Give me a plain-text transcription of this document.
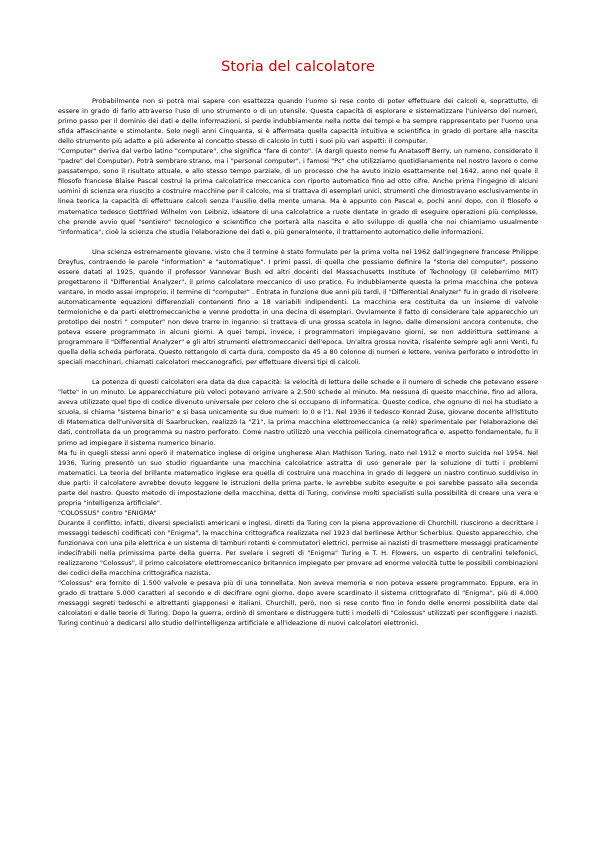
Storia del calcolatore

Probabilmente non si potrà mai sapere con esattezza quando l'uomo si rese conto di poter effettuare dei calcoli e, soprattutto, di essere in grado di farlo attraverso l'uso di uno strumento o di un utensile. Questa capacità di esplorare e sistematizzare l'universo dei numeri, primo passo per il dominio dei dati e delle informazioni, si perde indubbiamente nella notte dei tempi e ha sempre rappresentato per l'uomo una sfida affascinante e stimolante. Solo negli anni Cinquanta, si è affermata quella capacità intuitiva e scientifica in grado di portare alla nascita dello strumento più adatto e più aderente al concetto stesso di calcolo in tutti i suoi più vari aspetti: il computer.

"Computer" deriva dal verbo latino "computare", che significa "fare di conto". (A dargli questo nome fu Anatasoff Berry, un rumeno, considerato il "padre" del Computer). Potrà sembrare strano, ma i "personal computer", i famosi "Pc" che utilizziamo quotidianamente nel nostro lavoro o come passatempo, sono il risultato attuale, e allo stesso tempo parziale, di un processo che ha avuto inizio esattamente nel 1642, anno nel quale il filosofo francese Blaise Pascal costruì la prima calcolatrice meccanica con riporto automatico fino ad otto cifre. Anche prima l'ingegno di alcuni uomini di scienza era riuscito a costruire macchine per il calcolo, ma si trattava di esemplari unici, strumenti che dimostravano esclusivamente in linea teorica la capacità di effettuare calcoli senza l'ausilio della mente umana. Ma è appunto con Pascal e, pochi anni dopo, con il filosofo e matematico tedesco Gottfried Wilhelm von Leibniz, ideatore di una calcolatrice a ruote dentate in grado di eseguire operazioni più complesse, che prende avvio quel "sentiero" tecnologico e scientifico che porterà alla nascita e allo sviluppo di quella che noi chiamiamo usualmente "informatica", cioè la scienza che studia l'elaborazione dei dati e, più generalmente, il trattamento automatico delle informazioni.

Una scienza estremamente giovane, visto che il termine è stato formulato per la prima volta nel 1962 dall'ingegnere francese Philippe Dreyfus, contraendo le parole "information" e "automatique". I primi passi, di quella che possiamo definire la "storia del computer", possono essere datati al 1925, quando il professor Vannevar Bush ed altri docenti del Massachusetts Institute of Technology (il celeberrimo MIT) progettarono il "Differential Analyzer", il primo calcolatore meccanico di uso pratico. Fu indubbiamente questa la prima macchina che poteva vantare, in modo assai improprio, il termine di "computer" . Entrata in funzione due anni più tardi, il "Differential Analyzer" fu in grado di risolvere automaticamente equazioni differenziali contenenti fino a 18 variabili indipendenti. La macchina era costituita da un insieme di valvole termoioniche e da parti elettromeccaniche e venne prodotta in una decina di esemplari. Ovviamente il fatto di considerare tale apparecchio un prototipo dei nostri " computer" non deve trarre in inganno: si trattava di una grossa scatola in legno, dalle dimensioni ancora contenute, che poteva essere programmato in alcuni giorni. A quei tempi, invece, i programmatori impiegavano giorni, se non addirittura settimane a programmare il "Differential Analyzer" e gli altri strumenti elettromeccanici dell'epoca. Un'altra grossa novità, risalente sempre agli anni Venti, fu quella della scheda perforata. Questo rettangolo di carta dura, composto da 45 a 80 colonne di numeri e lettere, veniva perforato e introdotto in speciali macchinari, chiamati calcolatori meccanografici, per effettuare diversi tipi di calcoli.

La potenza di questi calcolatori era data da due capacità: la velocità di lettura delle schede e il numero di schede che potevano essere "lette" in un minuto. Le apparecchiature più veloci potevano arrivare a 2.500 schede al minuto. Ma nessuna di queste macchine, fino ad allora, aveva utilizzato quel tipo di codice divenuto universale per coloro che si occupano di informatica. Questo codice, che ognuno di noi ha studiato a scuola, si chiama "sistema binario" e si basa unicamente su due numeri: lo 0 e l'1. Nel 1936 il tedesco Konrad Zuse, giovane docente all'Istituto di Matematica dell'università di Saarbrucken, realizzò la "Z1", la prima macchina elettromeccanica (a relè) sperimentale per l'elaborazione dei dati, controllata da un programma su nastro perforato. Come nastro utilizzò una vecchia pellicola cinematografica e, aspetto fondamentale, fu il primo ad impiegare il sistema numerico binario.

Ma fu in quegli stessi anni operò il matematico inglese di origine ungherese Alan Mathison Turing, nato nel 1912 e morto suicida nel 1954. Nel 1936, Turing presentò un suo studio riguardante una macchina calcolatrice astratta di uso generale per la soluzione di tutti i problemi matematici. La teoria del brillante matematico inglese era quella di costruire una macchina in grado di leggere un nastro continuo suddiviso in due parti: il calcolatore avrebbe dovuto leggere le istruzioni della prima parte, le avrebbe subito eseguite e poi sarebbe passato alla seconda parte del nastro. Questo metodo di impostazione della macchina, detta di Turing, convinse molti specialisti sulla possibilità di creare una vera e propria "intelligenza artificiale".

"COLOSSUS" contro "ENIGMA"

Durante il conflitto, infatti, diversi specialisti americani e inglesi, diretti da Turing con la piena approvazione di Churchill, riuscirono a decrittare i messaggi tedeschi codificati con "Enigma", la macchina crittografica realizzata nel 1923 dal berlinese Arthur Scherbius. Questo apparecchio, che funzionava con una pila elettrica e un sistema di tamburi rotanti e commutatori elettrici, permise ai nazisti di trasmettere messaggi praticamente indecifrabili nella primissima parte della guerra. Per svelare i segreti di "Enigma" Turing e T. H. Flowers, un esperto di centralini telefonici, realizzarono "Colossus", il primo calcolatore elettromeccanico britannico impiegato per provare ad enorme velocità tutte le possibili combinazioni dei codici della macchina crittografica nazista.

"Colossus" era fornito di 1.500 valvole e pesava più di una tonnellata. Non aveva memoria e non poteva essere programmato. Eppure, era in grado di trattare 5.000 caratteri al secondo e di decifrare ogni giorno, dopo avere scardinato il sistema crittografato di "Enigma", più di 4.000 messaggi segreti tedeschi e altrettanti giapponesi e italiani. Churchill, però, non si rese conto fino in fondo delle enormi possibilità date dai calcolatori e dalle teorie di Turing. Dopo la guerra, ordinò di smontare e distruggere tutti i modelli di "Colossus" utilizzati per sconfiggere i nazisti. Turing continuò a dedicarsi allo studio dell'intelligenza artificiale e all'ideazione di nuovi calcolatori elettronici.
